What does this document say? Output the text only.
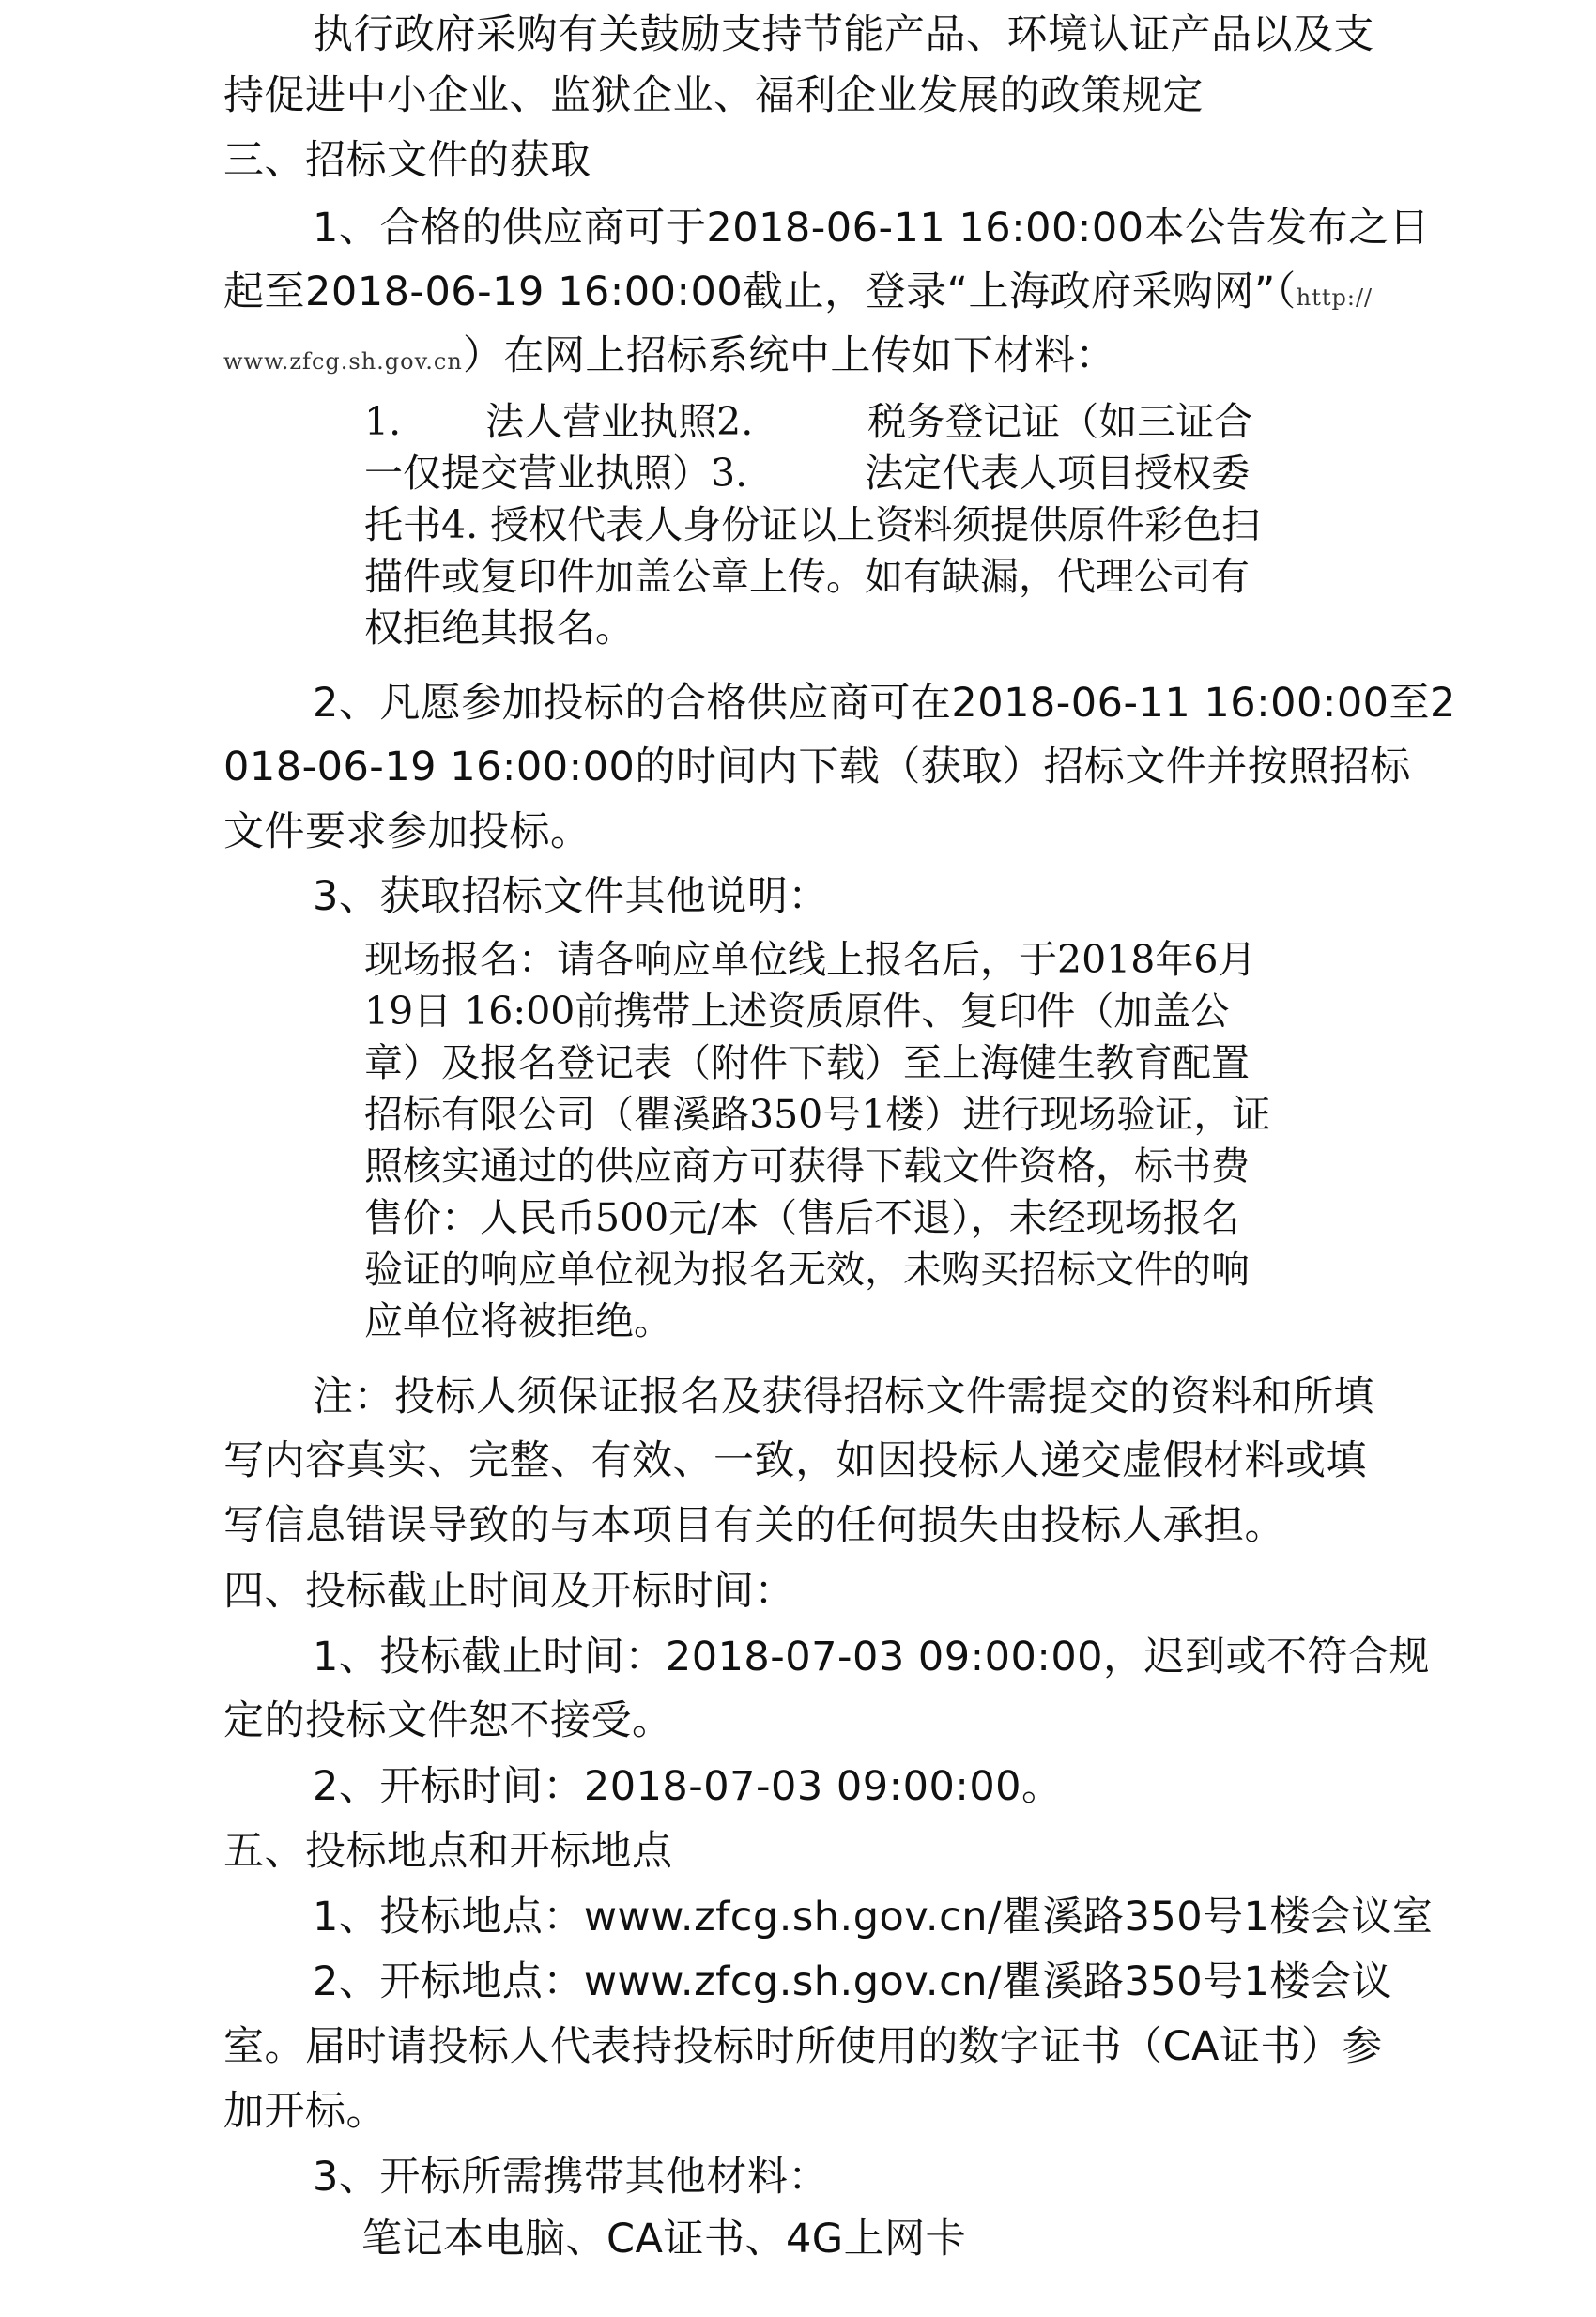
执行政府采购有关鼓励支持节能产品、环境认证产品以及支
持促进中小企业、监狱企业、福利企业发展的政策规定
三、招标文件的获取
1、合格的供应商可于2018-06-11 16:00:00本公告发布之日
起至2018-06-19 16:00:00截止，登录“上海政府采购网”（http://
www.zfcg.sh.gov.cn）在网上招标系统中上传如下材料：
1. 法人营业执照2.	税务登记证（如三证合
一仅提交营业执照）3.	法定代表人项目授权委
托书4. 授权代表人身份证以上资料须提供原件彩色扫
描件或复印件加盖公章上传。如有缺漏，代理公司有
权拒绝其报名。
2、凡愿参加投标的合格供应商可在2018-06-11 16:00:00至2
018-06-19 16:00:00的时间内下载（获取）招标文件并按照招标
文件要求参加投标。
3、获取招标文件其他说明：
现场报名：请各响应单位线上报名后，于2018年6月
19日 16:00前携带上述资质原件、复印件（加盖公
章）及报名登记表（附件下载）至上海健生教育配置
招标有限公司（瞿溪路350号1楼）进行现场验证，证
照核实通过的供应商方可获得下载文件资格，标书费
售价：人民币500元/本（售后不退），未经现场报名
验证的响应单位视为报名无效，未购买招标文件的响
应单位将被拒绝。
注：投标人须保证报名及获得招标文件需提交的资料和所填
写内容真实、完整、有效、一致，如因投标人递交虚假材料或填
写信息错误导致的与本项目有关的任何损失由投标人承担。
四、投标截止时间及开标时间：
1、投标截止时间：2018-07-03 09:00:00，迟到或不符合规
定的投标文件恕不接受。
2、开标时间：2018-07-03 09:00:00。
五、投标地点和开标地点
1、投标地点：www.zfcg.sh.gov.cn/瞿溪路350号1楼会议室
2、开标地点：www.zfcg.sh.gov.cn/瞿溪路350号1楼会议
室。届时请投标人代表持投标时所使用的数字证书（CA证书）参
加开标。
3、开标所需携带其他材料：
笔记本电脑、CA证书、4G上网卡
